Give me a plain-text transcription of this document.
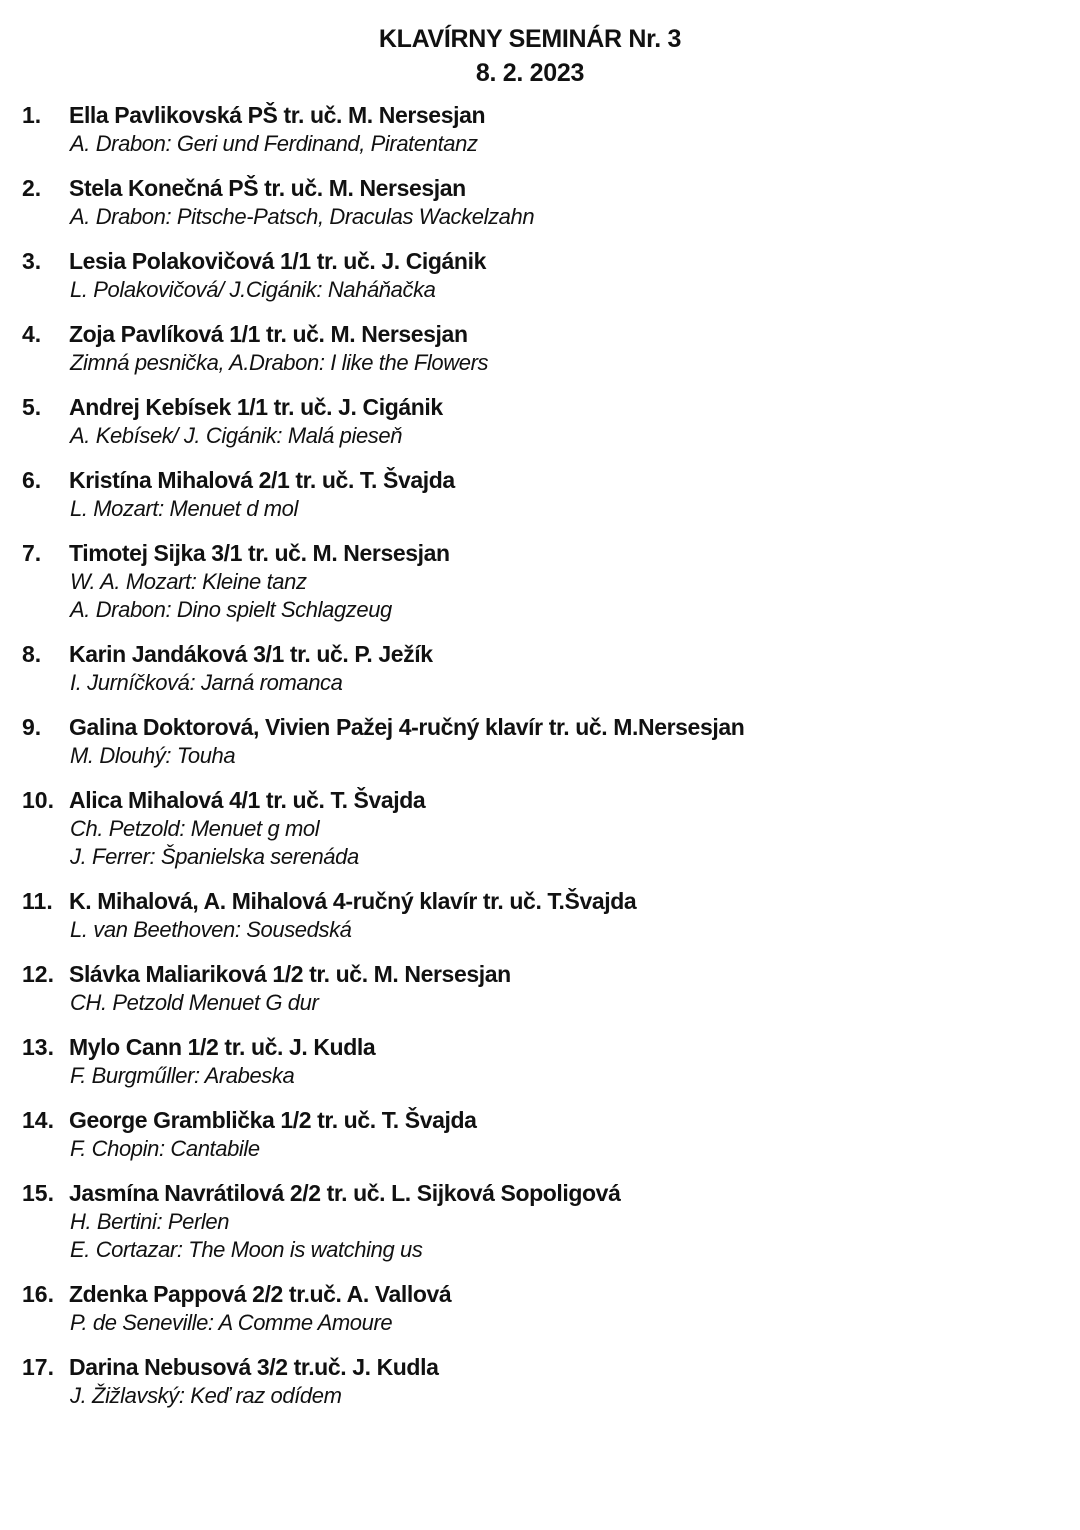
KLAVÍRNY SEMINÁR Nr. 3
8. 2. 2023
1. Ella Pavlikovská PŠ tr. uč. M. Nersesjan
A. Drabon: Geri und Ferdinand, Piratentanz
2. Stela Konečná PŠ tr. uč. M. Nersesjan
A. Drabon: Pitsche-Patsch, Draculas Wackelzahn
3. Lesia Polakovičová 1/1 tr. uč. J. Cigánik
L. Polakovičová/ J.Cigánik: Naháňačka
4. Zoja Pavlíková 1/1 tr. uč. M. Nersesjan
Zimná pesnička, A.Drabon: I like the Flowers
5. Andrej Kebísek 1/1 tr. uč. J. Cigánik
A. Kebísek/ J. Cigánik: Malá pieseň
6. Kristína Mihalová 2/1 tr. uč. T. Švajda
L. Mozart: Menuet d mol
7. Timotej Sijka 3/1 tr. uč. M. Nersesjan
W. A. Mozart: Kleine tanz
A. Drabon: Dino spielt Schlagzeug
8. Karin Jandáková 3/1 tr. uč. P. Ježík
I. Jurníčková: Jarná romanca
9. Galina Doktorová, Vivien Pažej 4-ručný klavír tr. uč. M.Nersesjan
M. Dlouhý: Touha
10. Alica Mihalová 4/1 tr. uč. T. Švajda
Ch. Petzold: Menuet g mol
J. Ferrer: Španielska serenáda
11. K. Mihalová, A. Mihalová 4-ručný klavír tr. uč. T.Švajda
L. van Beethoven: Sousedská
12. Slávka Maliariková 1/2 tr. uč. M. Nersesjan
CH. Petzold Menuet G dur
13. Mylo Cann 1/2 tr. uč. J. Kudla
F. Burgműller: Arabeska
14. George Gramblička 1/2 tr. uč. T. Švajda
F. Chopin: Cantabile
15. Jasmína Navrátilová 2/2 tr. uč. L. Sijková Sopoligová
H. Bertini: Perlen
E. Cortazar: The Moon is watching us
16. Zdenka Pappová 2/2 tr.uč. A. Vallová
P. de Seneville: A Comme Amoure
17. Darina Nebusová 3/2 tr.uč. J. Kudla
J. Žižlavský: Keď raz odídem
